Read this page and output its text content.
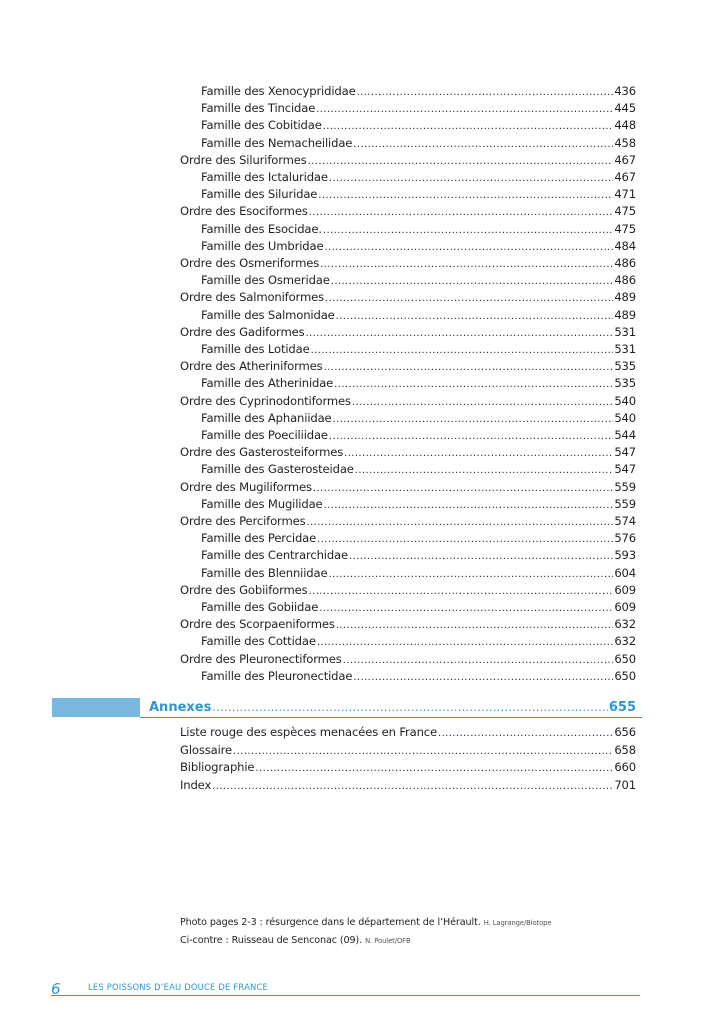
Famille des Xenocyprididae .....	436
Famille des Tincidae .....	445
Famille des Cobitidae .....	448
Famille des Nemacheilidae .....	458
Ordre des Siluriformes .....	467
Famille des Ictaluridae .....	467
Famille des Siluridae .....	471
Ordre des Esociformes .....	475
Famille des Esocidae. .....	475
Famille des Umbridae .....	484
Ordre des Osmeriformes .....	486
Famille des Osmeridae .....	486
Ordre des Salmoniformes .....	489
Famille des Salmonidae .....	489
Ordre des Gadiformes .....	531
Famille des Lotidae .....	531
Ordre des Atheriniformes .....	535
Famille des Atherinidae .....	535
Ordre des Cyprinodontiformes .....	540
Famille des Aphaniidae .....	540
Famille des Poeciliidae .....	544
Ordre des Gasterosteiformes .....	547
Famille des Gasterosteidae .....	547
Ordre des Mugiliformes .....	559
Famille des Mugilidae .....	559
Ordre des Perciformes .....	574
Famille des Percidae .....	576
Famille des Centrarchidae .....	593
Famille des Blenniidae .....	604
Ordre des Gobiiformes .....	609
Famille des Gobiidae .....	609
Ordre des Scorpaeniformes .....	632
Famille des Cottidae .....	632
Ordre des Pleuronectiformes .....	650
Famille des Pleuronectidae .....	650
Annexes .....	655
Liste rouge des espèces menacées en France .....	656
Glossaire .....	658
Bibliographie .....	660
Index .....	701
Photo pages 2-3 : résurgence dans le département de l’Hérault. H. Lagrange/Biotope
Ci-contre : Ruisseau de Senconac (09). N. Poulet/OFB
6	LES POISSONS D’EAU DOUCE DE FRANCE
